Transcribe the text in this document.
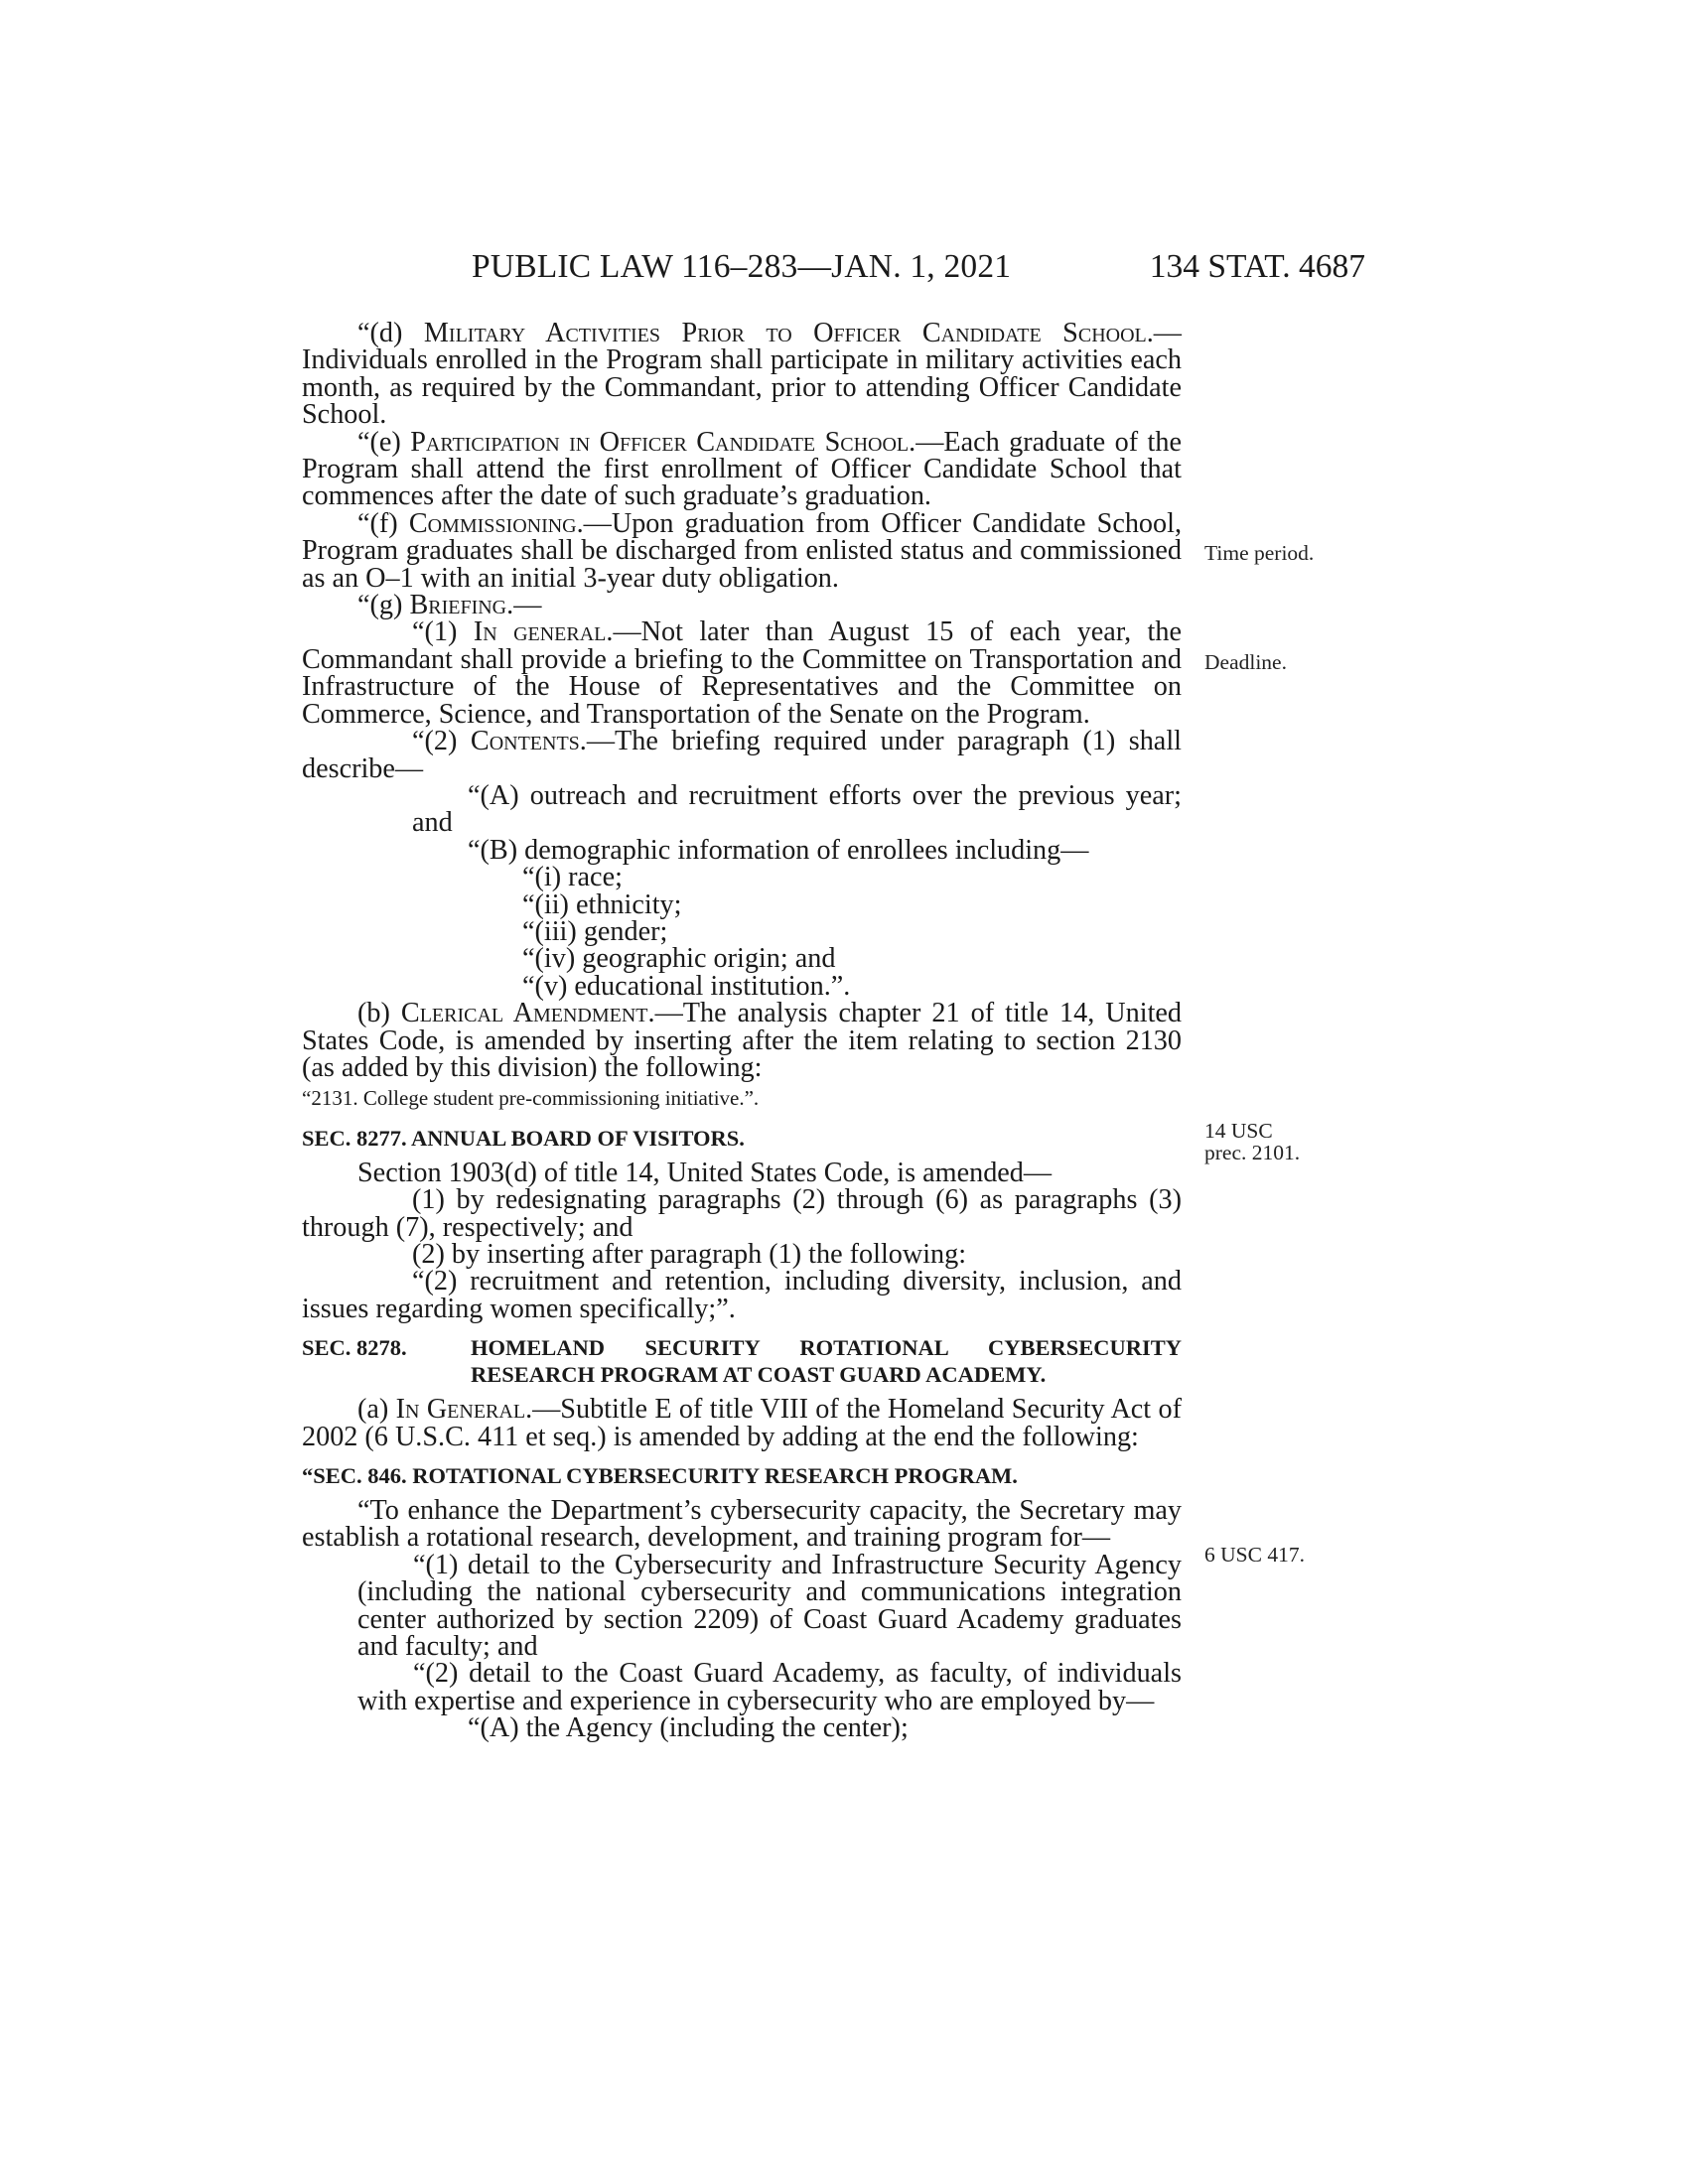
PUBLIC LAW 116–283—JAN. 1, 2021	134 STAT. 4687
Time period.
Deadline.
14 USC
prec. 2101.
6 USC 417.

“(d) Military Activities Prior to Officer Candidate School.—Individuals enrolled in the Program shall participate in military activities each month, as required by the Commandant, prior to attending Officer Candidate School.

“(e) Participation in Officer Candidate School.—Each graduate of the Program shall attend the first enrollment of Officer Candidate School that commences after the date of such graduate’s graduation.

“(f) Commissioning.—Upon graduation from Officer Candidate School, Program graduates shall be discharged from enlisted status and commissioned as an O–1 with an initial 3-year duty obligation.

“(g) Briefing.—

“(1) In general.—Not later than August 15 of each year, the Commandant shall provide a briefing to the Committee on Transportation and Infrastructure of the House of Representatives and the Committee on Commerce, Science, and Transportation of the Senate on the Program.

“(2) Contents.—The briefing required under paragraph (1) shall describe—

“(A) outreach and recruitment efforts over the previous year; and

“(B) demographic information of enrollees including—

“(i) race;

“(ii) ethnicity;

“(iii) gender;

“(iv) geographic origin; and

“(v) educational institution.”.

(b) Clerical Amendment.—The analysis chapter 21 of title 14, United States Code, is amended by inserting after the item relating to section 2130 (as added by this division) the following:

“2131. College student pre-commissioning initiative.”.

SEC. 8277. ANNUAL BOARD OF VISITORS.

Section 1903(d) of title 14, United States Code, is amended—

(1) by redesignating paragraphs (2) through (6) as paragraphs (3) through (7), respectively; and

(2) by inserting after paragraph (1) the following:

“(2) recruitment and retention, including diversity, inclusion, and issues regarding women specifically;”.

SEC. 8278.	HOMELAND SECURITY ROTATIONAL CYBERSECURITY RESEARCH PROGRAM AT COAST GUARD ACADEMY.

(a) In General.—Subtitle E of title VIII of the Homeland Security Act of 2002 (6 U.S.C. 411 et seq.) is amended by adding at the end the following:

“SEC. 846. ROTATIONAL CYBERSECURITY RESEARCH PROGRAM.

“To enhance the Department’s cybersecurity capacity, the Secretary may establish a rotational research, development, and training program for—

“(1) detail to the Cybersecurity and Infrastructure Security Agency (including the national cybersecurity and communications integration center authorized by section 2209) of Coast Guard Academy graduates and faculty; and

“(2) detail to the Coast Guard Academy, as faculty, of individuals with expertise and experience in cybersecurity who are employed by—

“(A) the Agency (including the center);
